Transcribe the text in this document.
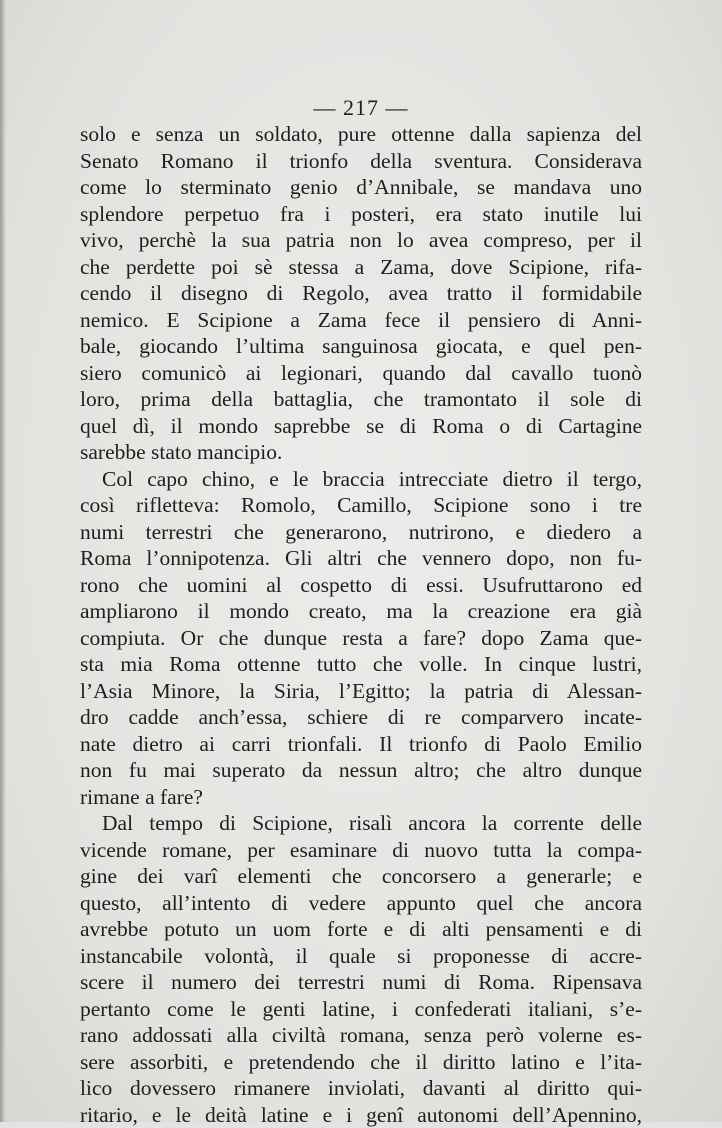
— 217 —
solo e senza un soldato, pure ottenne dalla sapienza del
Senato Romano il trionfo della sventura. Considerava
come lo sterminato genio d’Annibale, se mandava uno
splendore perpetuo fra i posteri, era stato inutile lui
vivo, perchè la sua patria non lo avea compreso, per il
che perdette poi sè stessa a Zama, dove Scipione, rifa-
cendo il disegno di Regolo, avea tratto il formidabile
nemico. E Scipione a Zama fece il pensiero di Anni-
bale, giocando l’ultima sanguinosa giocata, e quel pen-
siero comunicò ai legionari, quando dal cavallo tuonò
loro, prima della battaglia, che tramontato il sole di
quel dì, il mondo saprebbe se di Roma o di Cartagine
sarebbe stato mancipio.
Col capo chino, e le braccia intrecciate dietro il tergo,
così rifletteva: Romolo, Camillo, Scipione sono i tre
numi terrestri che generarono, nutrirono, e diedero a
Roma l’onnipotenza. Gli altri che vennero dopo, non fu-
rono che uomini al cospetto di essi. Usufruttarono ed
ampliarono il mondo creato, ma la creazione era già
compiuta. Or che dunque resta a fare? dopo Zama que-
sta mia Roma ottenne tutto che volle. In cinque lustri,
l’Asia Minore, la Siria, l’Egitto; la patria di Alessan-
dro cadde anch’essa, schiere di re comparvero incate-
nate dietro ai carri trionfali. Il trionfo di Paolo Emilio
non fu mai superato da nessun altro; che altro dunque
rimane a fare?
Dal tempo di Scipione, risalì ancora la corrente delle
vicende romane, per esaminare di nuovo tutta la compa-
gine dei varî elementi che concorsero a generarle; e
questo, all’intento di vedere appunto quel che ancora
avrebbe potuto un uom forte e di alti pensamenti e di
instancabile volontà, il quale si proponesse di accre-
scere il numero dei terrestri numi di Roma. Ripensava
pertanto come le genti latine, i confederati italiani, s’e-
rano addossati alla civiltà romana, senza però volerne es-
sere assorbiti, e pretendendo che il diritto latino e l’ita-
lico dovessero rimanere inviolati, davanti al diritto qui-
ritario, e le deità latine e i genî autonomi dell’Apennino,
